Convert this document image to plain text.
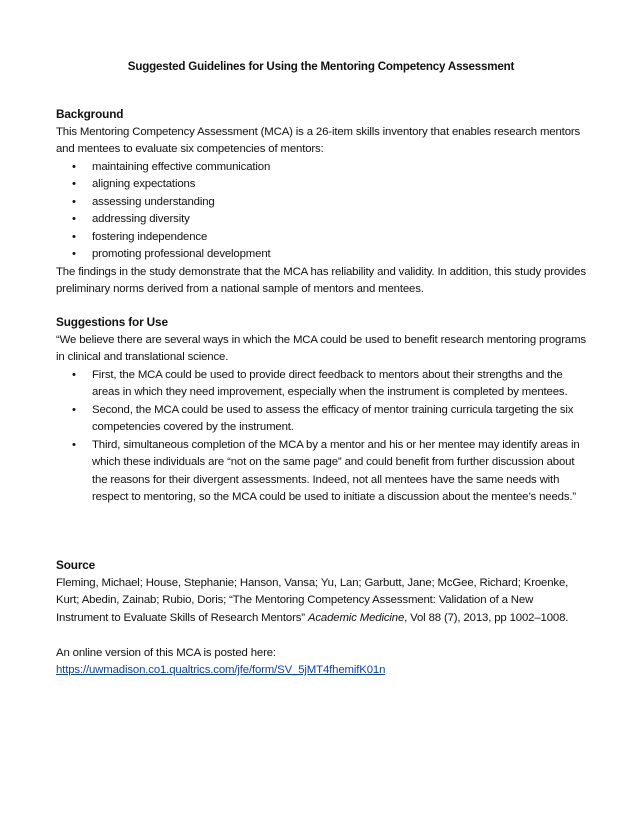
Suggested Guidelines for Using the Mentoring Competency Assessment
Background

This Mentoring Competency Assessment (MCA) is a 26-item skills inventory that enables research mentors and mentees to evaluate six competencies of mentors:

• maintaining effective communication
• aligning expectations
• assessing understanding
• addressing diversity
• fostering independence
• promoting professional development

The findings in the study demonstrate that the MCA has reliability and validity. In addition, this study provides preliminary norms derived from a national sample of mentors and mentees.

Suggestions for Use

“We believe there are several ways in which the MCA could be used to benefit research mentoring programs in clinical and translational science.

• First, the MCA could be used to provide direct feedback to mentors about their strengths and the areas in which they need improvement, especially when the instrument is completed by mentees.
• Second, the MCA could be used to assess the efficacy of mentor training curricula targeting the six competencies covered by the instrument.
• Third, simultaneous completion of the MCA by a mentor and his or her mentee may identify areas in which these individuals are “not on the same page” and could benefit from further discussion about the reasons for their divergent assessments. Indeed, not all mentees have the same needs with respect to mentoring, so the MCA could be used to initiate a discussion about the mentee’s needs.”
Source

Fleming, Michael; House, Stephanie; Hanson, Vansa; Yu, Lan; Garbutt, Jane; McGee, Richard; Kroenke, Kurt; Abedin, Zainab; Rubio, Doris; “The Mentoring Competency Assessment: Validation of a New Instrument to Evaluate Skills of Research Mentors” Academic Medicine, Vol 88 (7), 2013, pp 1002–1008.

An online version of this MCA is posted here:

https://uwmadison.co1.qualtrics.com/jfe/form/SV_5jMT4fhemifK01n
